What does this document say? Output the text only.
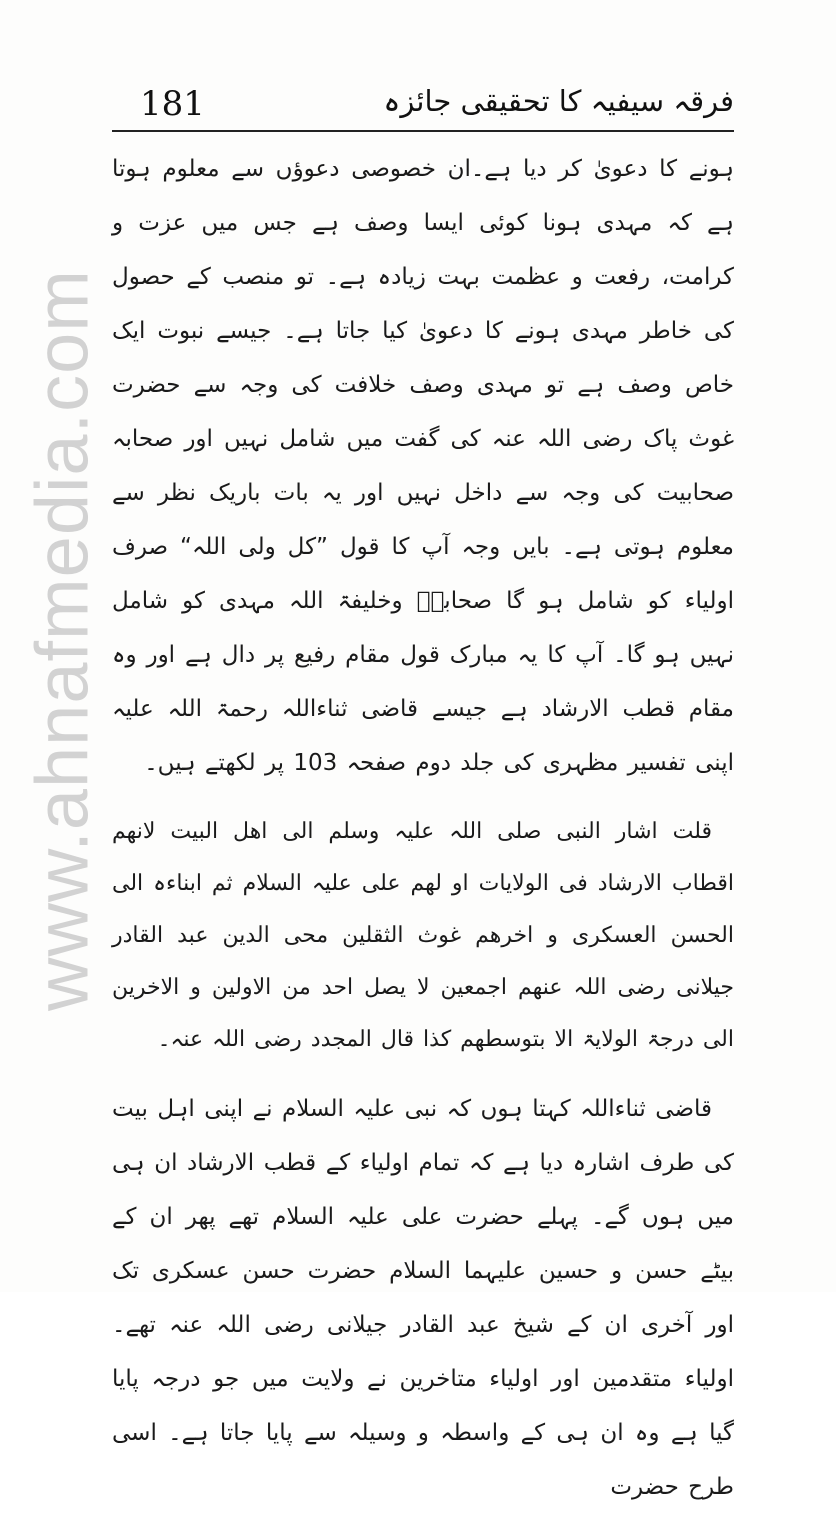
www.ahnafmedia.com
181	فرقہ سیفیہ کا تحقیقی جائزہ

ہونے کا دعویٰ کر دیا ہے۔ان خصوصی دعوؤں سے معلوم ہوتا ہے کہ مہدی ہونا کوئی ایسا وصف ہے جس میں عزت و کرامت، رفعت و عظمت بہت زیادہ ہے۔ تو منصب کے حصول کی خاطر مہدی ہونے کا دعویٰ کیا جاتا ہے۔ جیسے نبوت ایک خاص وصف ہے تو مہدی وصف خلافت کی وجہ سے حضرت غوث پاک رضی اللہ عنہ کی گفت میں شامل نہیں اور صحابہ صحابیت کی وجہ سے داخل نہیں اور یہ بات باریک نظر سے معلوم ہوتی ہے۔ بایں وجہ آپ کا قول ”کل ولی اللہ“ صرف اولیاء کو شامل ہو گا صحابہؓ وخلیفۃ اللہ مہدی کو شامل نہیں ہو گا۔ آپ کا یہ مبارک قول مقام رفیع پر دال ہے اور وہ مقام قطب الارشاد ہے جیسے قاضی ثناءاللہ رحمۃ اللہ علیہ اپنی تفسیر مظہری کی جلد دوم صفحہ 103 پر لکھتے ہیں۔

قلت اشار النبی صلی اللہ علیہ وسلم الی اھل البیت لانھم اقطاب الارشاد فی الولایات او لھم علی علیہ السلام ثم ابناءہ الی الحسن العسکری و اخرھم غوث الثقلین محی الدین عبد القادر جیلانی رضی اللہ عنھم اجمعین لا یصل احد من الاولین و الاخرین الی درجۃ الولایۃ الا بتوسطھم کذا قال المجدد رضی اللہ عنہ۔

قاضی ثناءاللہ کہتا ہوں کہ نبی علیہ السلام نے اپنی اہل بیت کی طرف اشارہ دیا ہے کہ تمام اولیاء کے قطب الارشاد ان ہی میں ہوں گے۔ پہلے حضرت علی علیہ السلام تھے پھر ان کے بیٹے حسن و حسین علیہما السلام حضرت حسن عسکری تک اور آخری ان کے شیخ عبد القادر جیلانی رضی اللہ عنہ تھے۔ اولیاء متقدمین اور اولیاء متاخرین نے ولایت میں جو درجہ پایا گیا ہے وہ ان ہی کے واسطہ و وسیلہ سے پایا جاتا ہے۔ اسی طرح حضرت
